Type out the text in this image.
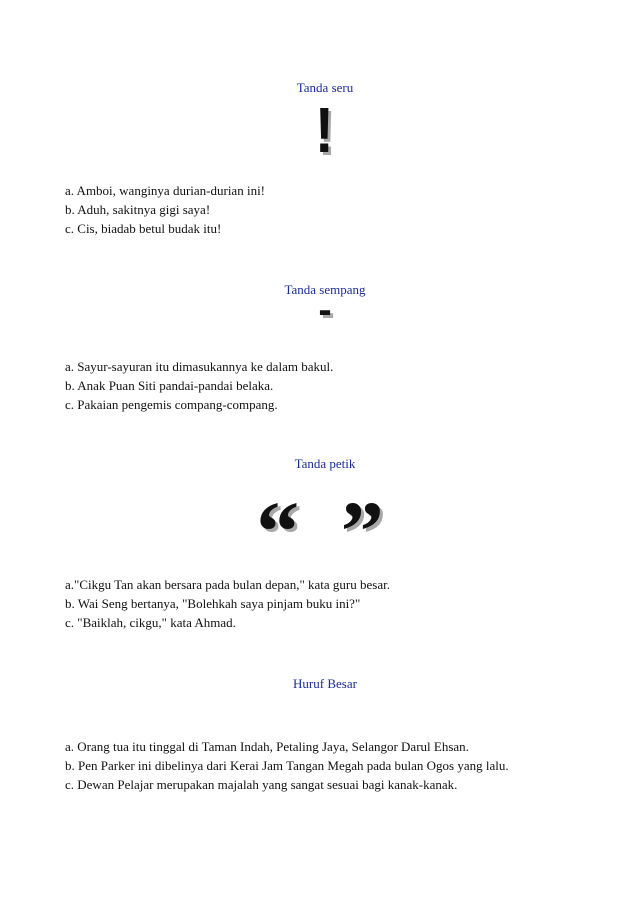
Tanda seru
!
a. Amboi, wanginya durian-durian ini!
b. Aduh, sakitnya gigi saya!
c. Cis, biadab betul budak itu!
Tanda sempang
-
a. Sayur-sayuran itu dimasukannya ke dalam bakul.
b. Anak Puan Siti pandai-pandai belaka.
c. Pakaian pengemis compang-compang.
Tanda petik
“ ”
a."Cikgu Tan akan bersara pada bulan depan," kata guru besar.
b. Wai Seng bertanya, "Bolehkah saya pinjam buku ini?"
c. "Baiklah, cikgu," kata Ahmad.
Huruf Besar
a. Orang tua itu tinggal di Taman Indah, Petaling Jaya, Selangor Darul Ehsan.
b. Pen Parker ini dibelinya dari Kerai Jam Tangan Megah pada bulan Ogos yang lalu.
c. Dewan Pelajar merupakan majalah yang sangat sesuai bagi kanak-kanak.
